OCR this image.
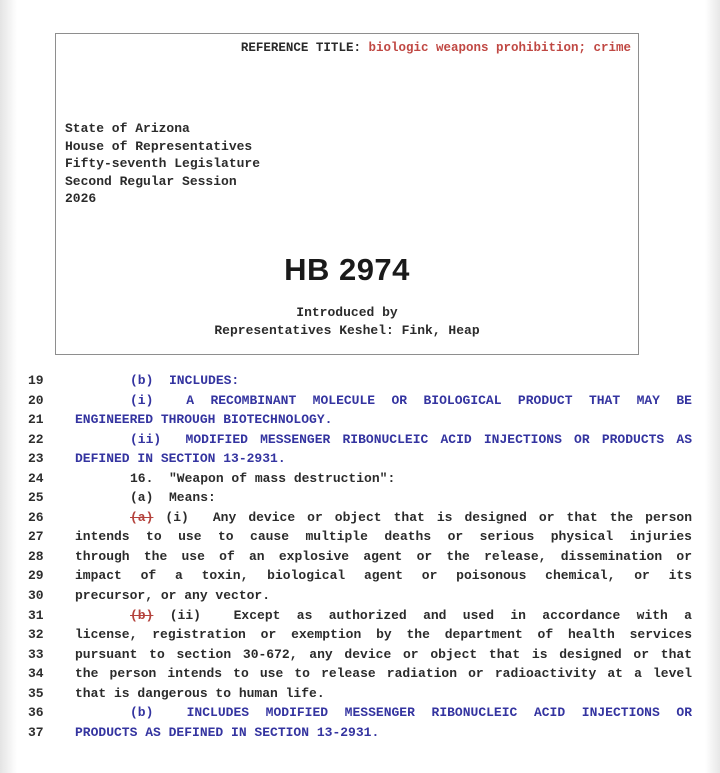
REFERENCE TITLE: biologic weapons prohibition; crime
State of Arizona
House of Representatives
Fifty-seventh Legislature
Second Regular Session
2026
HB 2974
Introduced by
Representatives Keshel: Fink, Heap
19	(b)  INCLUDES:
20	(i)  A RECOMBINANT MOLECULE OR BIOLOGICAL PRODUCT THAT MAY BE
21	ENGINEERED THROUGH BIOTECHNOLOGY.
22	(ii)  MODIFIED MESSENGER RIBONUCLEIC ACID INJECTIONS OR PRODUCTS AS
23	DEFINED IN SECTION 13-2931.
24	16.  "Weapon of mass destruction":
25	(a)  Means:
26	(a) (i)  Any device or object that is designed or that the person
27	intends to use to cause multiple deaths or serious physical injuries
28	through the use of an explosive agent or the release, dissemination or
29	impact of a toxin, biological agent or poisonous chemical, or its
30	precursor, or any vector.
31	(b) (ii)  Except as authorized and used in accordance with a
32	license, registration or exemption by the department of health services
33	pursuant to section 30-672, any device or object that is designed or that
34	the person intends to use to release radiation or radioactivity at a level
35	that is dangerous to human life.
36	(b)  INCLUDES MODIFIED MESSENGER RIBONUCLEIC ACID INJECTIONS OR
37	PRODUCTS AS DEFINED IN SECTION 13-2931.
